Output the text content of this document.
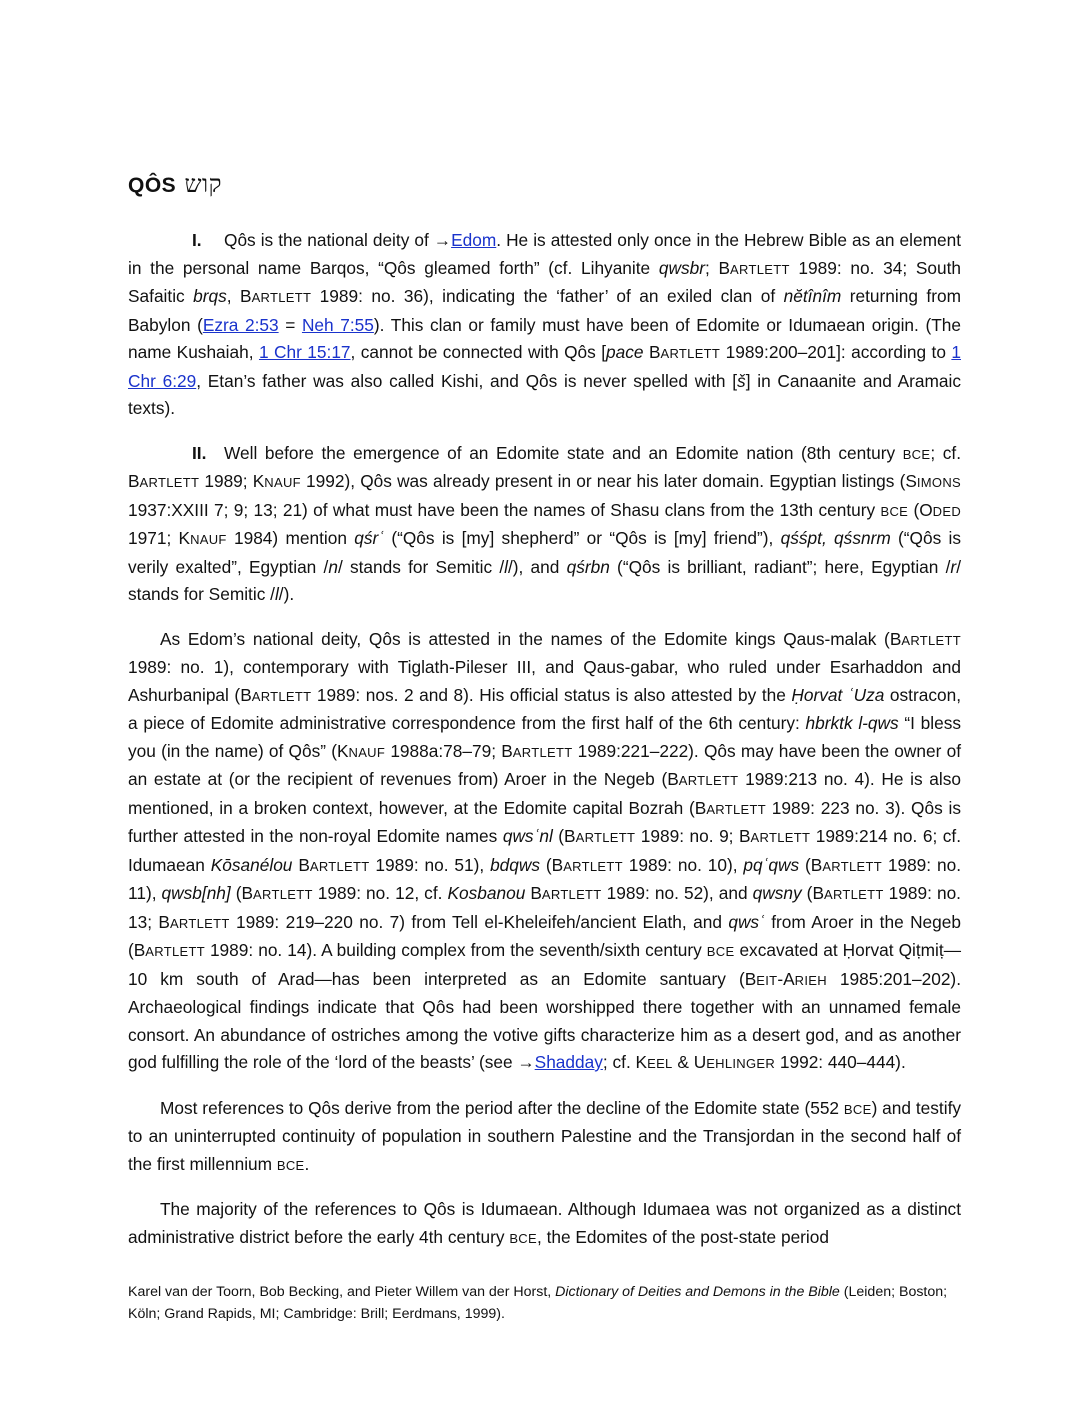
QÔS קוש

I. Qôs is the national deity of →Edom. He is attested only once in the Hebrew Bible as an element in the personal name Barqos, “Qôs gleamed forth” (cf. Lihyanite qwsbr; BARTLETT 1989: no. 34; South Safaitic brqs, BARTLETT 1989: no. 36), indicating the ‘father’ of an exiled clan of nĕtînîm returning from Babylon (Ezra 2:53 = Neh 7:55). This clan or family must have been of Edomite or Idumaean origin. (The name Kushaiah, 1 Chr 15:17, cannot be connected with Qôs [pace BARTLETT 1989:200–201]: according to 1 Chr 6:29, Etan’s father was also called Kishi, and Qôs is never spelled with [š] in Canaanite and Aramaic texts).

II. Well before the emergence of an Edomite state and an Edomite nation (8th century BCE; cf. BARTLETT 1989; KNAUF 1992), Qôs was already present in or near his later domain. Egyptian listings (SIMONS 1937:XXIII 7; 9; 13; 21) of what must have been the names of Shasu clans from the 13th century BCE (ODED 1971; KNAUF 1984) mention qśrʿ (“Qôs is [my] shepherd” or “Qôs is [my] friend”), qśśpt, qśsnrm (“Qôs is verily exalted”, Egyptian /n/ stands for Semitic /l/), and qśrbn (“Qôs is brilliant, radiant”; here, Egyptian /r/ stands for Semitic /l/).

As Edom’s national deity, Qôs is attested in the names of the Edomite kings Qaus-malak (BARTLETT 1989: no. 1), contemporary with Tiglath-Pileser III, and Qaus-gabar, who ruled under Esarhaddon and Ashurbanipal (BARTLETT 1989: nos. 2 and 8). His official status is also attested by the Ḥorvat ʿUza ostracon, a piece of Edomite administrative correspondence from the first half of the 6th century: hbrktk l-qws “I bless you (in the name) of Qôs” (KNAUF 1988a:78–79; BARTLETT 1989:221–222). Qôs may have been the owner of an estate at (or the recipient of revenues from) Aroer in the Negeb (BARTLETT 1989:213 no. 4). He is also mentioned, in a broken context, however, at the Edomite capital Bozrah (BARTLETT 1989: 223 no. 3). Qôs is further attested in the non-royal Edomite names qwsʿnl (BARTLETT 1989: no. 9; BARTLETT 1989:214 no. 6; cf. Idumaean Kōsanélou BARTLETT 1989: no. 51), bdqws (BARTLETT 1989: no. 10), pqʿqws (BARTLETT 1989: no. 11), qwsb[nh] (BARTLETT 1989: no. 12, cf. Kosbanou BARTLETT 1989: no. 52), and qwsny (BARTLETT 1989: no. 13; BARTLETT 1989: 219–220 no. 7) from Tell el-Kheleifeh/ancient Elath, and qwsʿ from Aroer in the Negeb (BARTLETT 1989: no. 14). A building complex from the seventh/sixth century BCE excavated at Ḥorvat Qiṭmiṭ—10 km south of Arad—has been interpreted as an Edomite santuary (BEIT-ARIEH 1985:201–202). Archaeological findings indicate that Qôs had been worshipped there together with an unnamed female consort. An abundance of ostriches among the votive gifts characterize him as a desert god, and as another god fulfilling the role of the ‘lord of the beasts’ (see →Shadday; cf. KEEL & UEHLINGER 1992: 440–444).

Most references to Qôs derive from the period after the decline of the Edomite state (552 BCE) and testify to an uninterrupted continuity of population in southern Palestine and the Transjordan in the second half of the first millennium BCE.

The majority of the references to Qôs is Idumaean. Although Idumaea was not organized as a distinct administrative district before the early 4th century BCE, the Edomites of the post-state period

Karel van der Toorn, Bob Becking, and Pieter Willem van der Horst, Dictionary of Deities and Demons in the Bible (Leiden; Boston; Köln; Grand Rapids, MI; Cambridge: Brill; Eerdmans, 1999).
